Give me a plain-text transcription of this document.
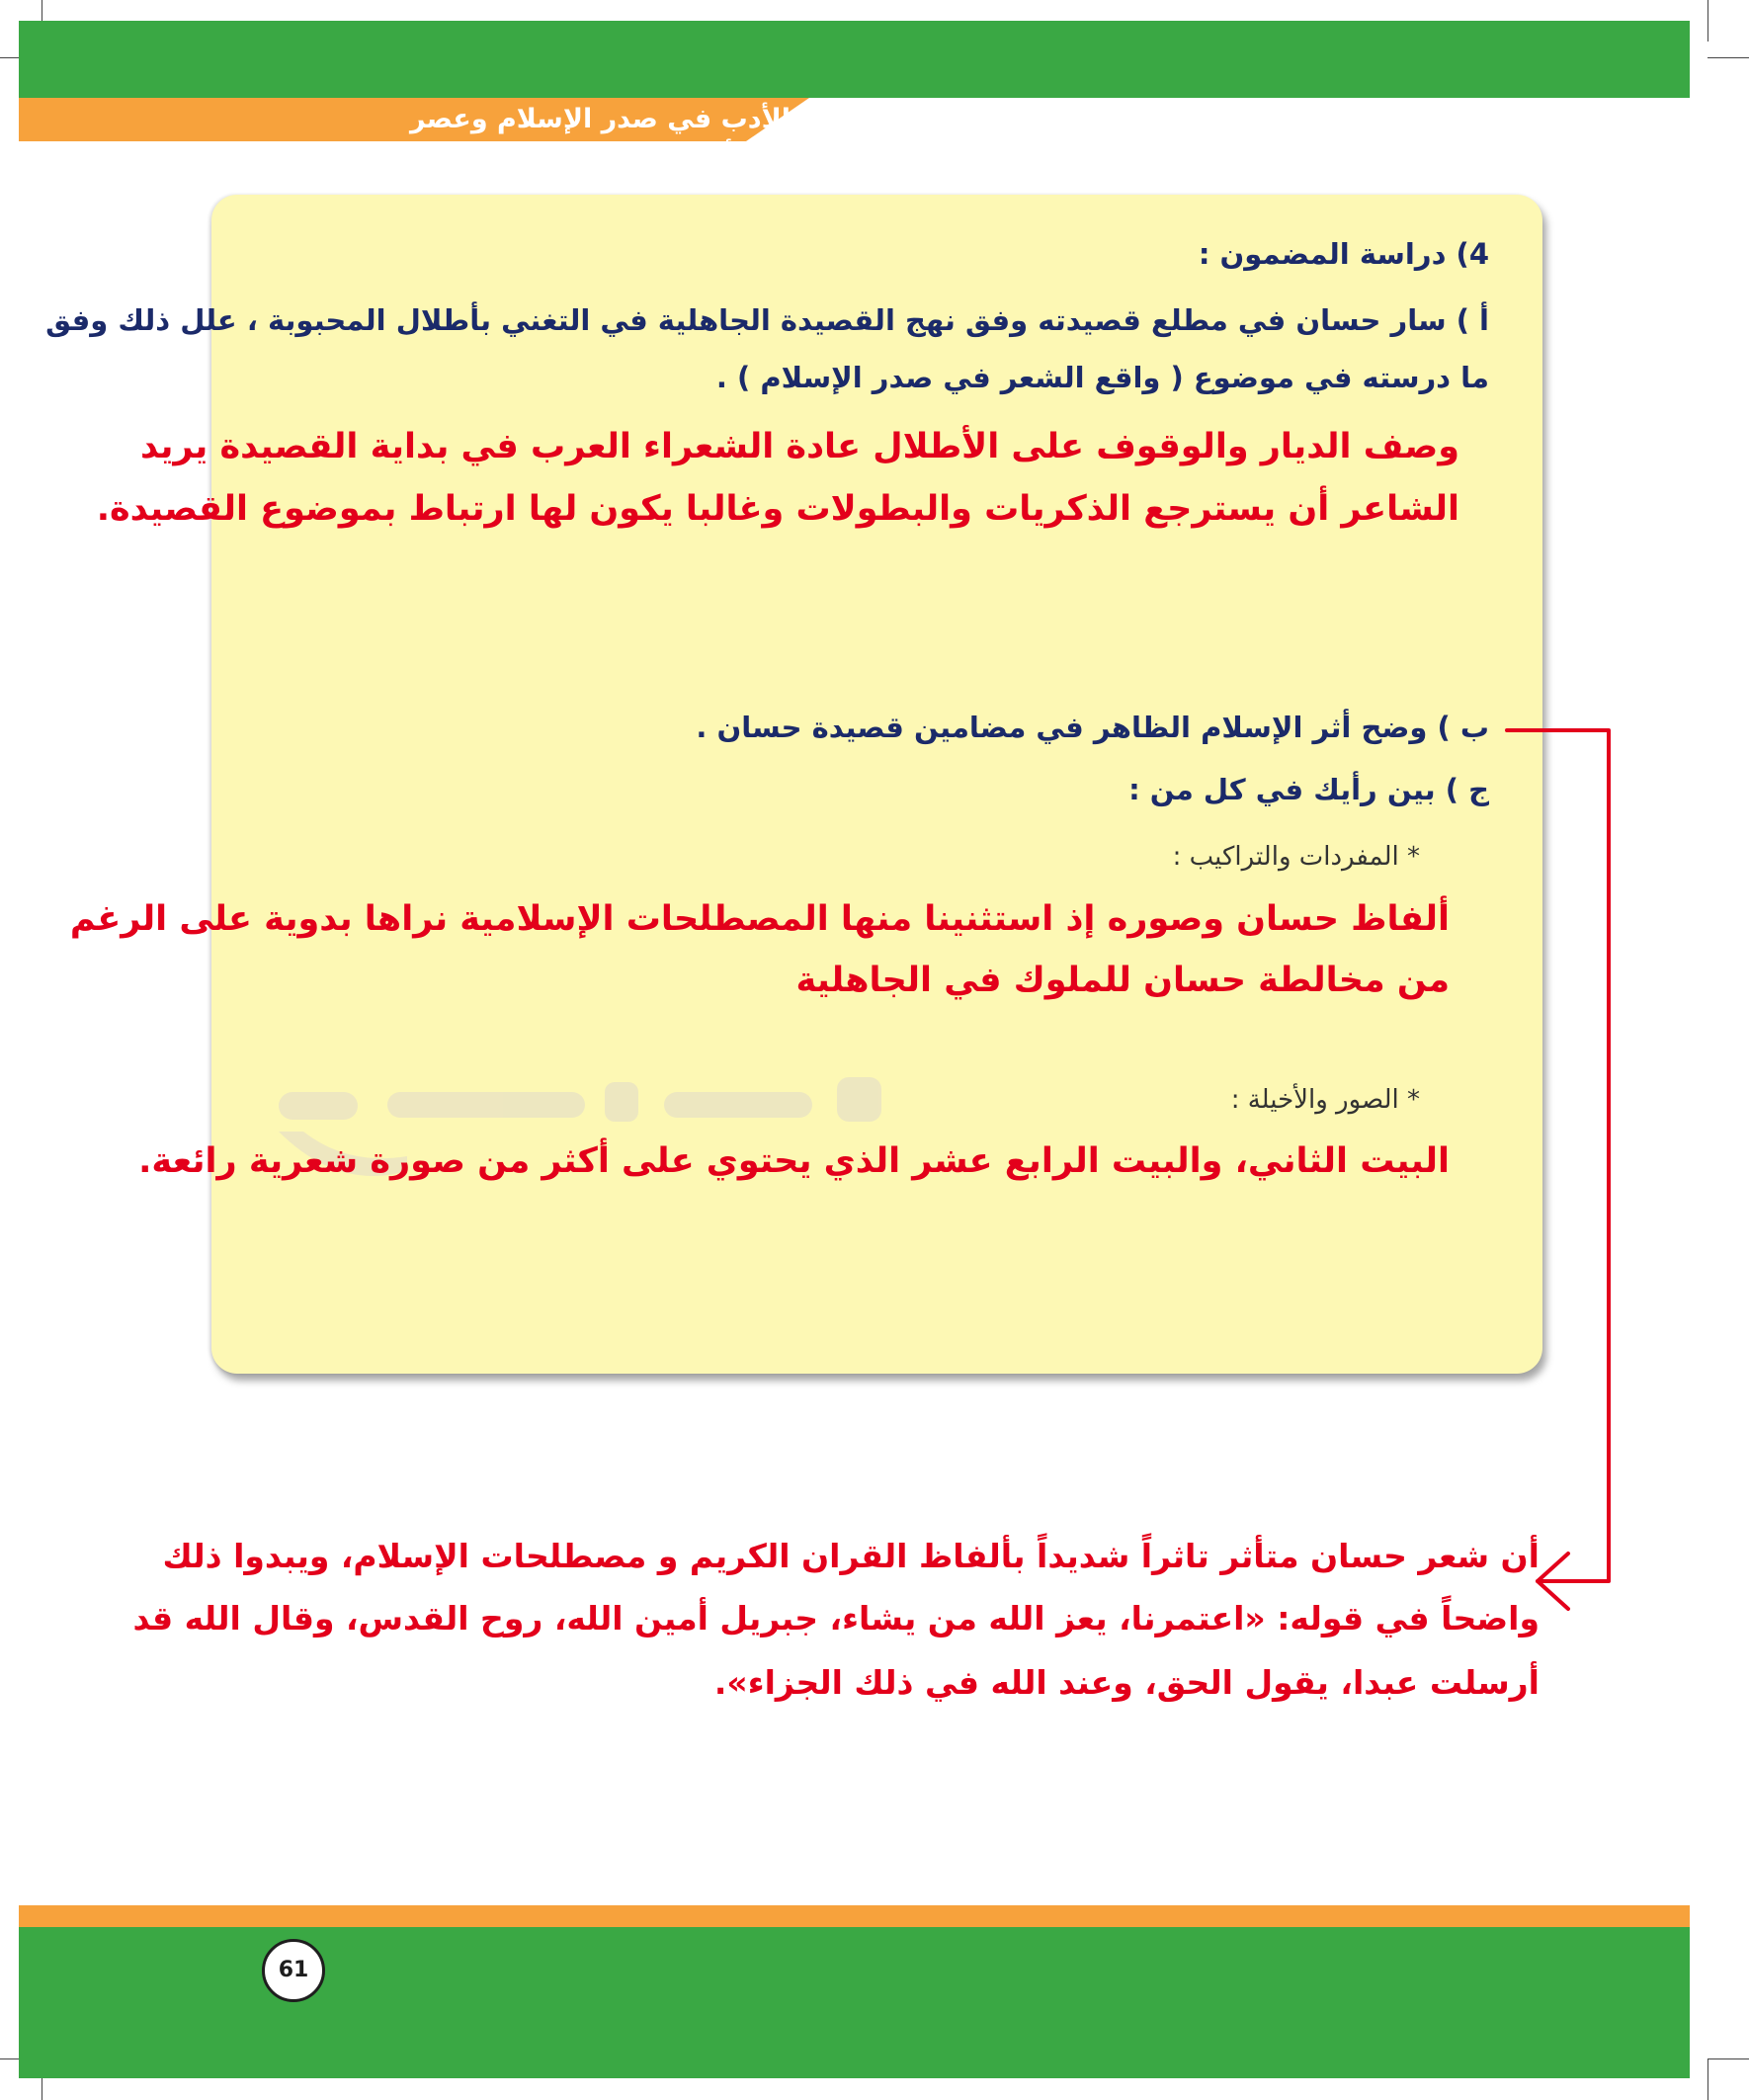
الأدب في صدر الإسلام وعصر بني أمية
4) دراسة المضمون :
أ ) سار حسان في مطلع قصيدته وفق نهج القصيدة الجاهلية في التغني بأطلال المحبوبة ، علل ذلك وفق
ما درسته في موضوع ( واقع الشعر في صدر الإسلام ) .
وصف الديار والوقوف على الأطلال عادة الشعراء العرب في بداية القصيدة يريد
الشاعر أن يسترجع الذكريات والبطولات وغالبا يكون لها ارتباط بموضوع القصيدة.
ب ) وضح أثر الإسلام الظاهر في مضامين قصيدة حسان .
ج ) بين رأيك في كل من :
* المفردات والتراكيب :
ألفاظ حسان وصوره إذ استثنينا منها المصطلحات الإسلامية نراها بدوية على الرغم
من مخالطة حسان للملوك في الجاهلية
* الصور والأخيلة :
البيت الثاني، والبيت الرابع عشر الذي يحتوي على أكثر من صورة شعرية رائعة.
أن شعر حسان متأثر تاثراً شديداً بألفاظ القران الكريم و مصطلحات الإسلام، ويبدوا ذلك
واضحاً في قوله: «اعتمرنا، يعز الله من يشاء، جبريل أمين الله، روح القدس، وقال الله قد
أرسلت عبدا، يقول الحق، وعند الله في ذلك الجزاء».
61
